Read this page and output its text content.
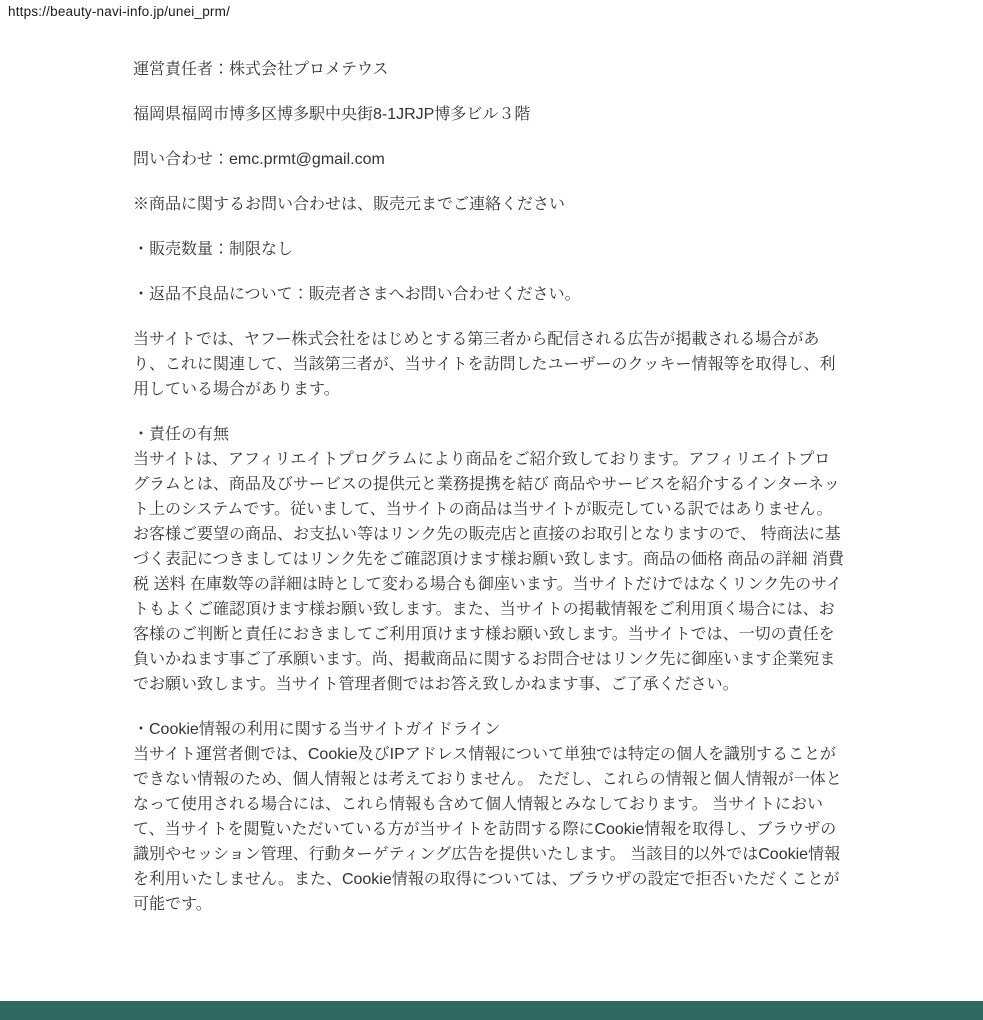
https://beauty-navi-info.jp/unei_prm/

運営責任者：株式会社プロメテウス

福岡県福岡市博多区博多駅中央街8-1JRJP博多ビル３階

問い合わせ：emc.prmt@gmail.com

※商品に関するお問い合わせは、販売元までご連絡ください

・販売数量：制限なし

・返品不良品について：販売者さまへお問い合わせください。

当サイトでは、ヤフー株式会社をはじめとする第三者から配信される広告が掲載される場合があり、これに関連して、当該第三者が、当サイトを訪問したユーザーのクッキー情報等を取得し、利用している場合があります。

・責任の有無
当サイトは、アフィリエイトプログラムにより商品をご紹介致しております。アフィリエイトプログラムとは、商品及びサービスの提供元と業務提携を結び 商品やサービスを紹介するインターネット上のシステムです。従いまして、当サイトの商品は当サイトが販売している訳ではありません。お客様ご要望の商品、お支払い等はリンク先の販売店と直接のお取引となりますので、 特商法に基づく表記につきましてはリンク先をご確認頂けます様お願い致します。商品の価格 商品の詳細 消費税 送料 在庫数等の詳細は時として変わる場合も御座います。当サイトだけではなくリンク先のサイトもよくご確認頂けます様お願い致します。また、当サイトの掲載情報をご利用頂く場合には、お客様のご判断と責任におきましてご利用頂けます様お願い致します。当サイトでは、一切の責任を負いかねます事ご了承願います。尚、掲載商品に関するお問合せはリンク先に御座います企業宛までお願い致します。当サイト管理者側ではお答え致しかねます事、ご了承ください。

・Cookie情報の利用に関する当サイトガイドライン
当サイト運営者側では、Cookie及びIPアドレス情報について単独では特定の個人を識別することができない情報のため、個人情報とは考えておりません。 ただし、これらの情報と個人情報が一体となって使用される場合には、これら情報も含めて個人情報とみなしております。 当サイトにおいて、当サイトを閲覧いただいている方が当サイトを訪問する際にCookie情報を取得し、ブラウザの識別やセッション管理、行動ターゲティング広告を提供いたします。 当該目的以外ではCookie情報を利用いたしません。また、Cookie情報の取得については、ブラウザの設定で拒否いただくことが可能です。
